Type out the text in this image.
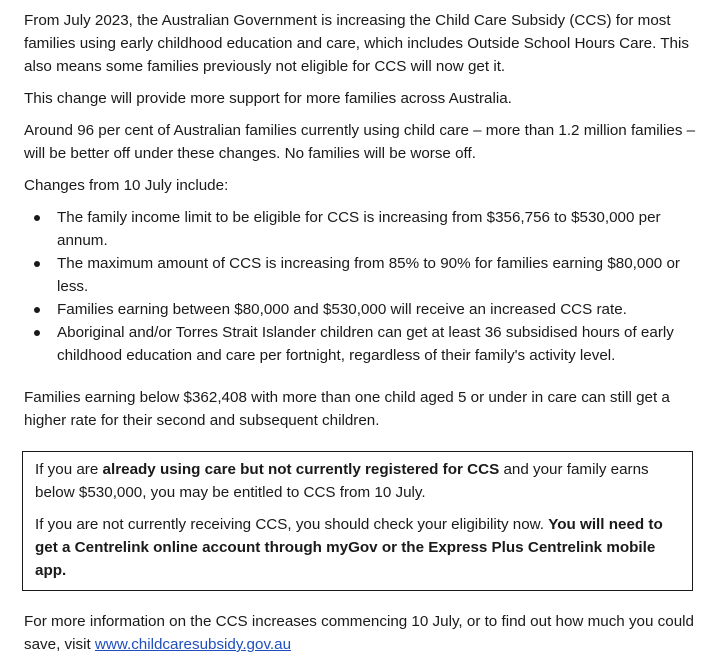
From July 2023, the Australian Government is increasing the Child Care Subsidy (CCS) for most families using early childhood education and care, which includes Outside School Hours Care. This also means some families previously not eligible for CCS will now get it.

This change will provide more support for more families across Australia.

Around 96 per cent of Australian families currently using child care – more than 1.2 million families – will be better off under these changes. No families will be worse off.

Changes from 10 July include:

The family income limit to be eligible for CCS is increasing from $356,756 to $530,000 per annum.
The maximum amount of CCS is increasing from 85% to 90% for families earning $80,000 or less.
Families earning between $80,000 and $530,000 will receive an increased CCS rate.
Aboriginal and/or Torres Strait Islander children can get at least 36 subsidised hours of early childhood education and care per fortnight, regardless of their family's activity level.

Families earning below $362,408 with more than one child aged 5 or under in care can still get a higher rate for their second and subsequent children.

If you are already using care but not currently registered for CCS and your family earns below $530,000, you may be entitled to CCS from 10 July.

If you are not currently receiving CCS, you should check your eligibility now. You will need to get a Centrelink online account through myGov or the Express Plus Centrelink mobile app.

For more information on the CCS increases commencing 10 July, or to find out how much you could save, visit www.childcaresubsidy.gov.au
